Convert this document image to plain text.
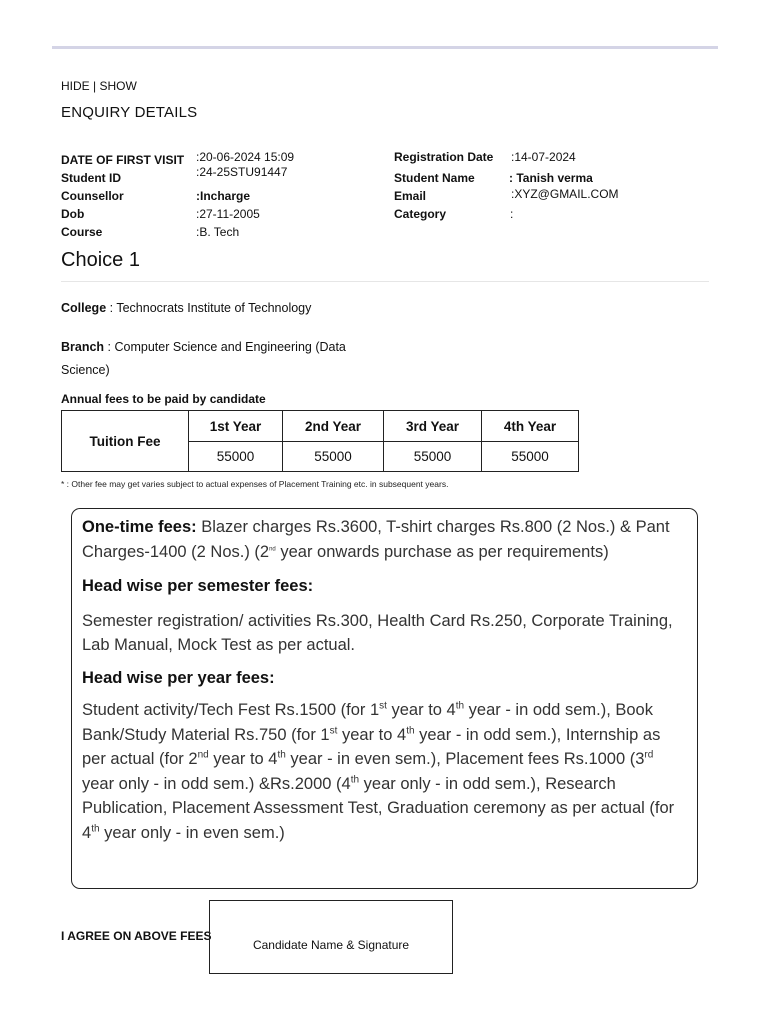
HIDE | SHOW
ENQUIRY DETAILS
DATE OF FIRST VISIT :20-06-2024 15:09
Student ID	:24-25STU91447
Counsellor	:Incharge
Dob	:27-11-2005
Course	:B. Tech
Registration Date :14-07-2024
Student Name	: Tanish verma
Email	:XYZ@GMAIL.COM
Category	:
Choice 1
College : Technocrats Institute of Technology
Branch : Computer Science and Engineering (Data Science)
Annual fees to be paid by candidate
Tuition Fee	1st Year	2nd Year	3rd Year	4th Year
	55000	55000	55000	55000
* : Other fee may get varies subject to actual expenses of Placement Training etc. in subsequent years.

One-time fees: Blazer charges Rs.3600, T-shirt charges Rs.800 (2 Nos.) & Pant Charges-1400 (2 Nos.) (2nd year onwards purchase as per requirements)

Head wise per semester fees:

Semester registration/ activities Rs.300, Health Card Rs.250, Corporate Training, Lab Manual, Mock Test as per actual.

Head wise per year fees:

Student activity/Tech Fest Rs.1500 (for 1st year to 4th year - in odd sem.), Book Bank/Study Material Rs.750 (for 1st year to 4th year - in odd sem.), Internship as per actual (for 2nd year to 4th year - in even sem.), Placement fees Rs.1000 (3rd year only - in odd sem.) &Rs.2000 (4th year only - in odd sem.), Research Publication, Placement Assessment Test, Graduation ceremony as per actual (for 4th year only - in even sem.)

I AGREE ON ABOVE FEES
Candidate Name & Signature
